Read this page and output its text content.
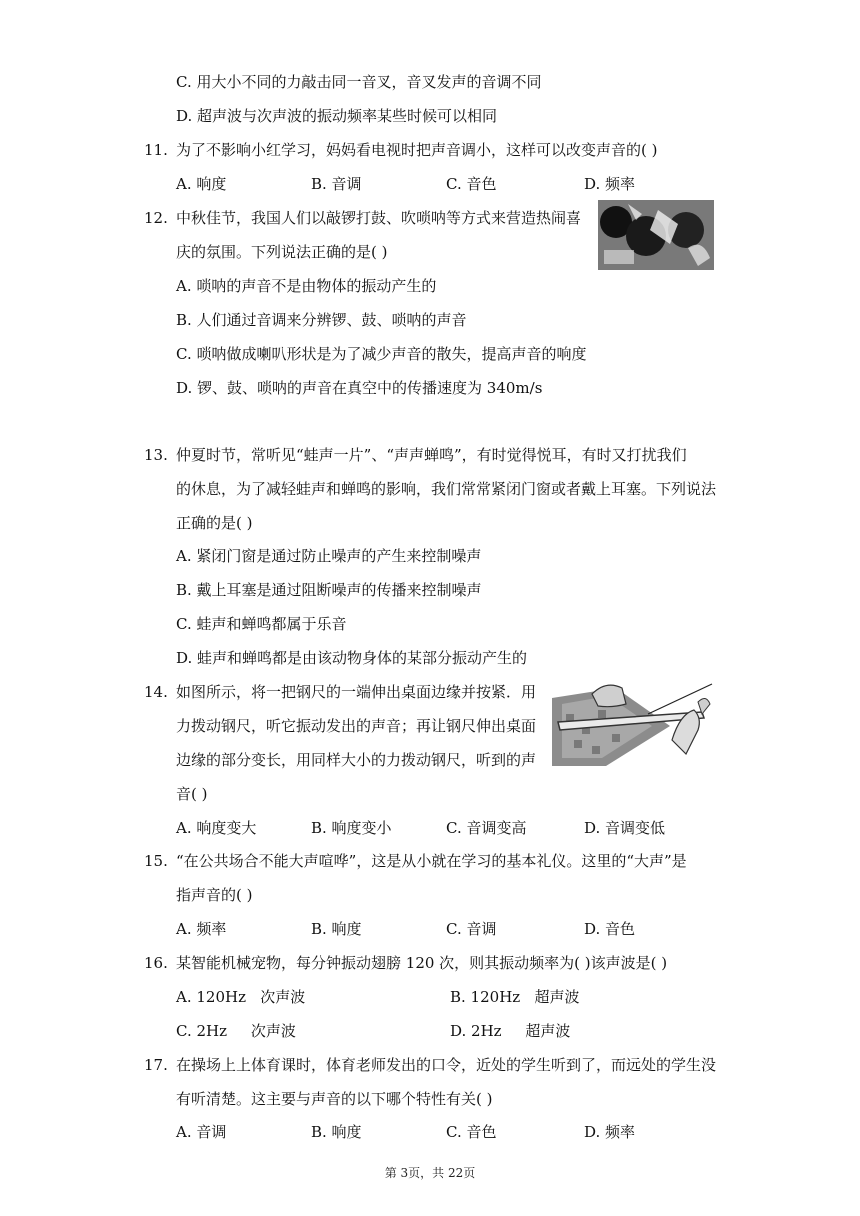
C. 用大小不同的力敲击同一音叉，音叉发声的音调不同
D. 超声波与次声波的振动频率某些时候可以相同
11. 为了不影响小红学习，妈妈看电视时把声音调小，这样可以改变声音的( )
A. 响度	B. 音调	C. 音色	D. 频率
12. 中秋佳节，我国人们以敲锣打鼓、吹唢呐等方式来营造热闹喜
庆的氛围。下列说法正确的是( )
A. 唢呐的声音不是由物体的振动产生的
B. 人们通过音调来分辨锣、鼓、唢呐的声音
C. 唢呐做成喇叭形状是为了减少声音的散失，提高声音的响度
D. 锣、鼓、唢呐的声音在真空中的传播速度为 340m/s
13. 仲夏时节，常听见“蛙声一片”、“声声蝉鸣”，有时觉得悦耳，有时又打扰我们
的休息，为了减轻蛙声和蝉鸣的影响，我们常常紧闭门窗或者戴上耳塞。下列说法
正确的是( )
A. 紧闭门窗是通过防止噪声的产生来控制噪声
B. 戴上耳塞是通过阻断噪声的传播来控制噪声
C. 蛙声和蝉鸣都属于乐音
D. 蛙声和蝉鸣都是由该动物身体的某部分振动产生的
14. 如图所示，将一把钢尺的一端伸出桌面边缘并按紧．用
力拨动钢尺，听它振动发出的声音；再让钢尺伸出桌面
边缘的部分变长，用同样大小的力拨动钢尺，听到的声
音( )
A. 响度变大	B. 响度变小	C. 音调变高	D. 音调变低
15. “在公共场合不能大声喧哗”，这是从小就在学习的基本礼仪。这里的“大声”是
指声音的( )
A. 频率	B. 响度	C. 音调	D. 音色
16. 某智能机械宠物，每分钟振动翅膀 120 次，则其振动频率为( )该声波是( )
A. 120Hz   次声波	B. 120Hz   超声波
C. 2Hz     次声波	D. 2Hz     超声波
17. 在操场上上体育课时，体育老师发出的口令，近处的学生听到了，而远处的学生没
有听清楚。这主要与声音的以下哪个特性有关( )
A. 音调	B. 响度	C. 音色	D. 频率
第 3页，共 22页
